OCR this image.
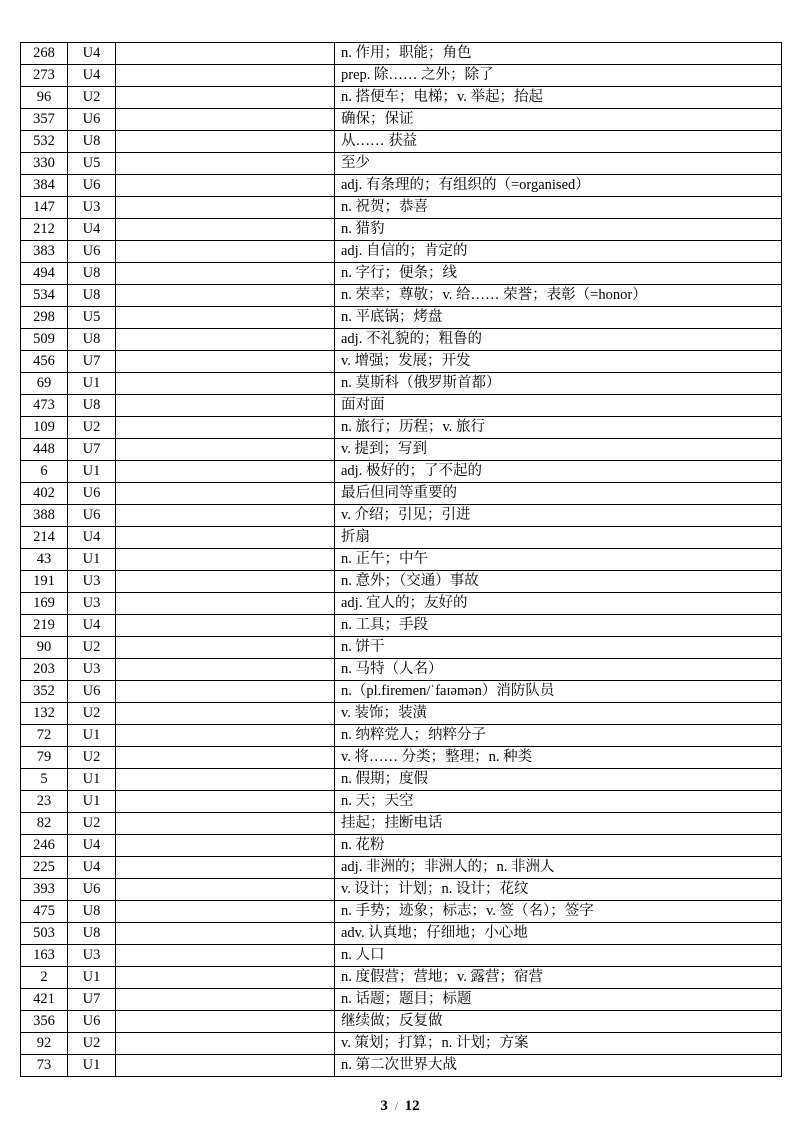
268	U4		n. 作用；职能；角色
273	U4		prep. 除…… 之外；除了
96	U2		n. 搭便车；电梯；v. 举起；抬起
357	U6		确保；保证
532	U8		从…… 获益
330	U5		至少
384	U6		adj. 有条理的；有组织的（=organised）
147	U3		n. 祝贺；恭喜
212	U4		n. 猎豹
383	U6		adj. 自信的；肯定的
494	U8		n. 字行；便条；线
534	U8		n. 荣幸；尊敬；v. 给…… 荣誉；表彰（=honor）
298	U5		n. 平底锅；烤盘
509	U8		adj. 不礼貌的；粗鲁的
456	U7		v. 增强；发展；开发
69	U1		n. 莫斯科（俄罗斯首都）
473	U8		面对面
109	U2		n. 旅行；历程；v. 旅行
448	U7		v. 提到；写到
6	U1		adj. 极好的；了不起的
402	U6		最后但同等重要的
388	U6		v. 介绍；引见；引进
214	U4		折扇
43	U1		n. 正午；中午
191	U3		n. 意外；（交通）事故
169	U3		adj. 宜人的；友好的
219	U4		n. 工具；手段
90	U2		n. 饼干
203	U3		n. 马特（人名）
352	U6		n.（pl.firemen/ˈfaɪəmən）消防队员
132	U2		v. 装饰；装潢
72	U1		n. 纳粹党人；纳粹分子
79	U2		v. 将…… 分类；整理；n. 种类
5	U1		n. 假期；度假
23	U1		n. 天；天空
82	U2		挂起；挂断电话
246	U4		n. 花粉
225	U4		adj. 非洲的；非洲人的；n. 非洲人
393	U6		v. 设计；计划；n. 设计；花纹
475	U8		n. 手势；迹象；标志；v. 签（名）；签字
503	U8		adv. 认真地；仔细地；小心地
163	U3		n. 人口
2	U1		n. 度假营；营地；v. 露营；宿营
421	U7		n. 话题；题目；标题
356	U6		继续做；反复做
92	U2		v. 策划；打算；n. 计划；方案
73	U1		n. 第二次世界大战
3 / 12
